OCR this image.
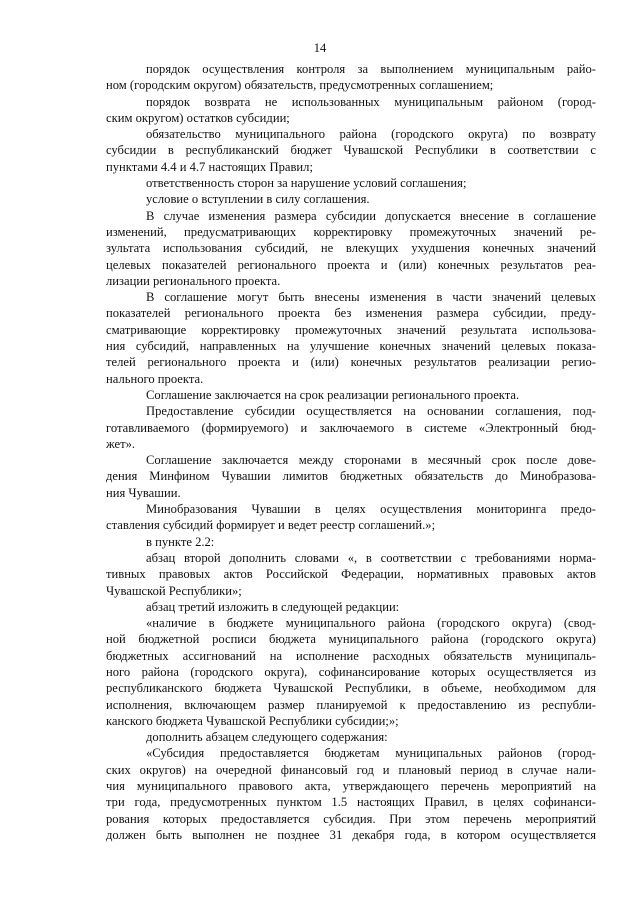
14
порядок осуществления контроля за выполнением муниципальным райо-
ном (городским округом) обязательств, предусмотренных соглашением;
порядок возврата не использованных муниципальным районом (город-
ским округом) остатков субсидии;
обязательство муниципального района (городского округа) по возврату
субсидии в республиканский бюджет Чувашской Республики в соответствии с
пунктами 4.4 и 4.7 настоящих Правил;
ответственность сторон за нарушение условий соглашения;
условие о вступлении в силу соглашения.
В случае изменения размера субсидии допускается внесение в соглашение
изменений, предусматривающих корректировку промежуточных значений ре-
зультата использования субсидий, не влекущих ухудшения конечных значений
целевых показателей регионального проекта и (или) конечных результатов реа-
лизации регионального проекта.
В соглашение могут быть внесены изменения в части значений целевых
показателей регионального проекта без изменения размера субсидии, преду-
сматривающие корректировку промежуточных значений результата использова-
ния субсидий, направленных на улучшение конечных значений целевых показа-
телей регионального проекта и (или) конечных результатов реализации регио-
нального проекта.
Соглашение заключается на срок реализации регионального проекта.
Предоставление субсидии осуществляется на основании соглашения, под-
готавливаемого (формируемого) и заключаемого в системе «Электронный бюд-
жет».
Соглашение заключается между сторонами в месячный срок после дове-
дения Минфином Чувашии лимитов бюджетных обязательств до Минобразова-
ния Чувашии.
Минобразования Чувашии в целях осуществления мониторинга предо-
ставления субсидий формирует и ведет реестр соглашений.»;
в пункте 2.2:
абзац второй дополнить словами «, в соответствии с требованиями норма-
тивных правовых актов Российской Федерации, нормативных правовых актов
Чувашской Республики»;
абзац третий изложить в следующей редакции:
«наличие в бюджете муниципального района (городского округа) (свод-
ной бюджетной росписи бюджета муниципального района (городского округа)
бюджетных ассигнований на исполнение расходных обязательств муниципаль-
ного района (городского округа), софинансирование которых осуществляется из
республиканского бюджета Чувашской Республики, в объеме, необходимом для
исполнения, включающем размер планируемой к предоставлению из республи-
канского бюджета Чувашской Республики субсидии;»;
дополнить абзацем следующего содержания:
«Субсидия предоставляется бюджетам муниципальных районов (город-
ских округов) на очередной финансовый год и плановый период в случае нали-
чия муниципального правового акта, утверждающего перечень мероприятий на
три года, предусмотренных пунктом 1.5 настоящих Правил, в целях софинанси-
рования которых предоставляется субсидия. При этом перечень мероприятий
должен быть выполнен не позднее 31 декабря года, в котором осуществляется
